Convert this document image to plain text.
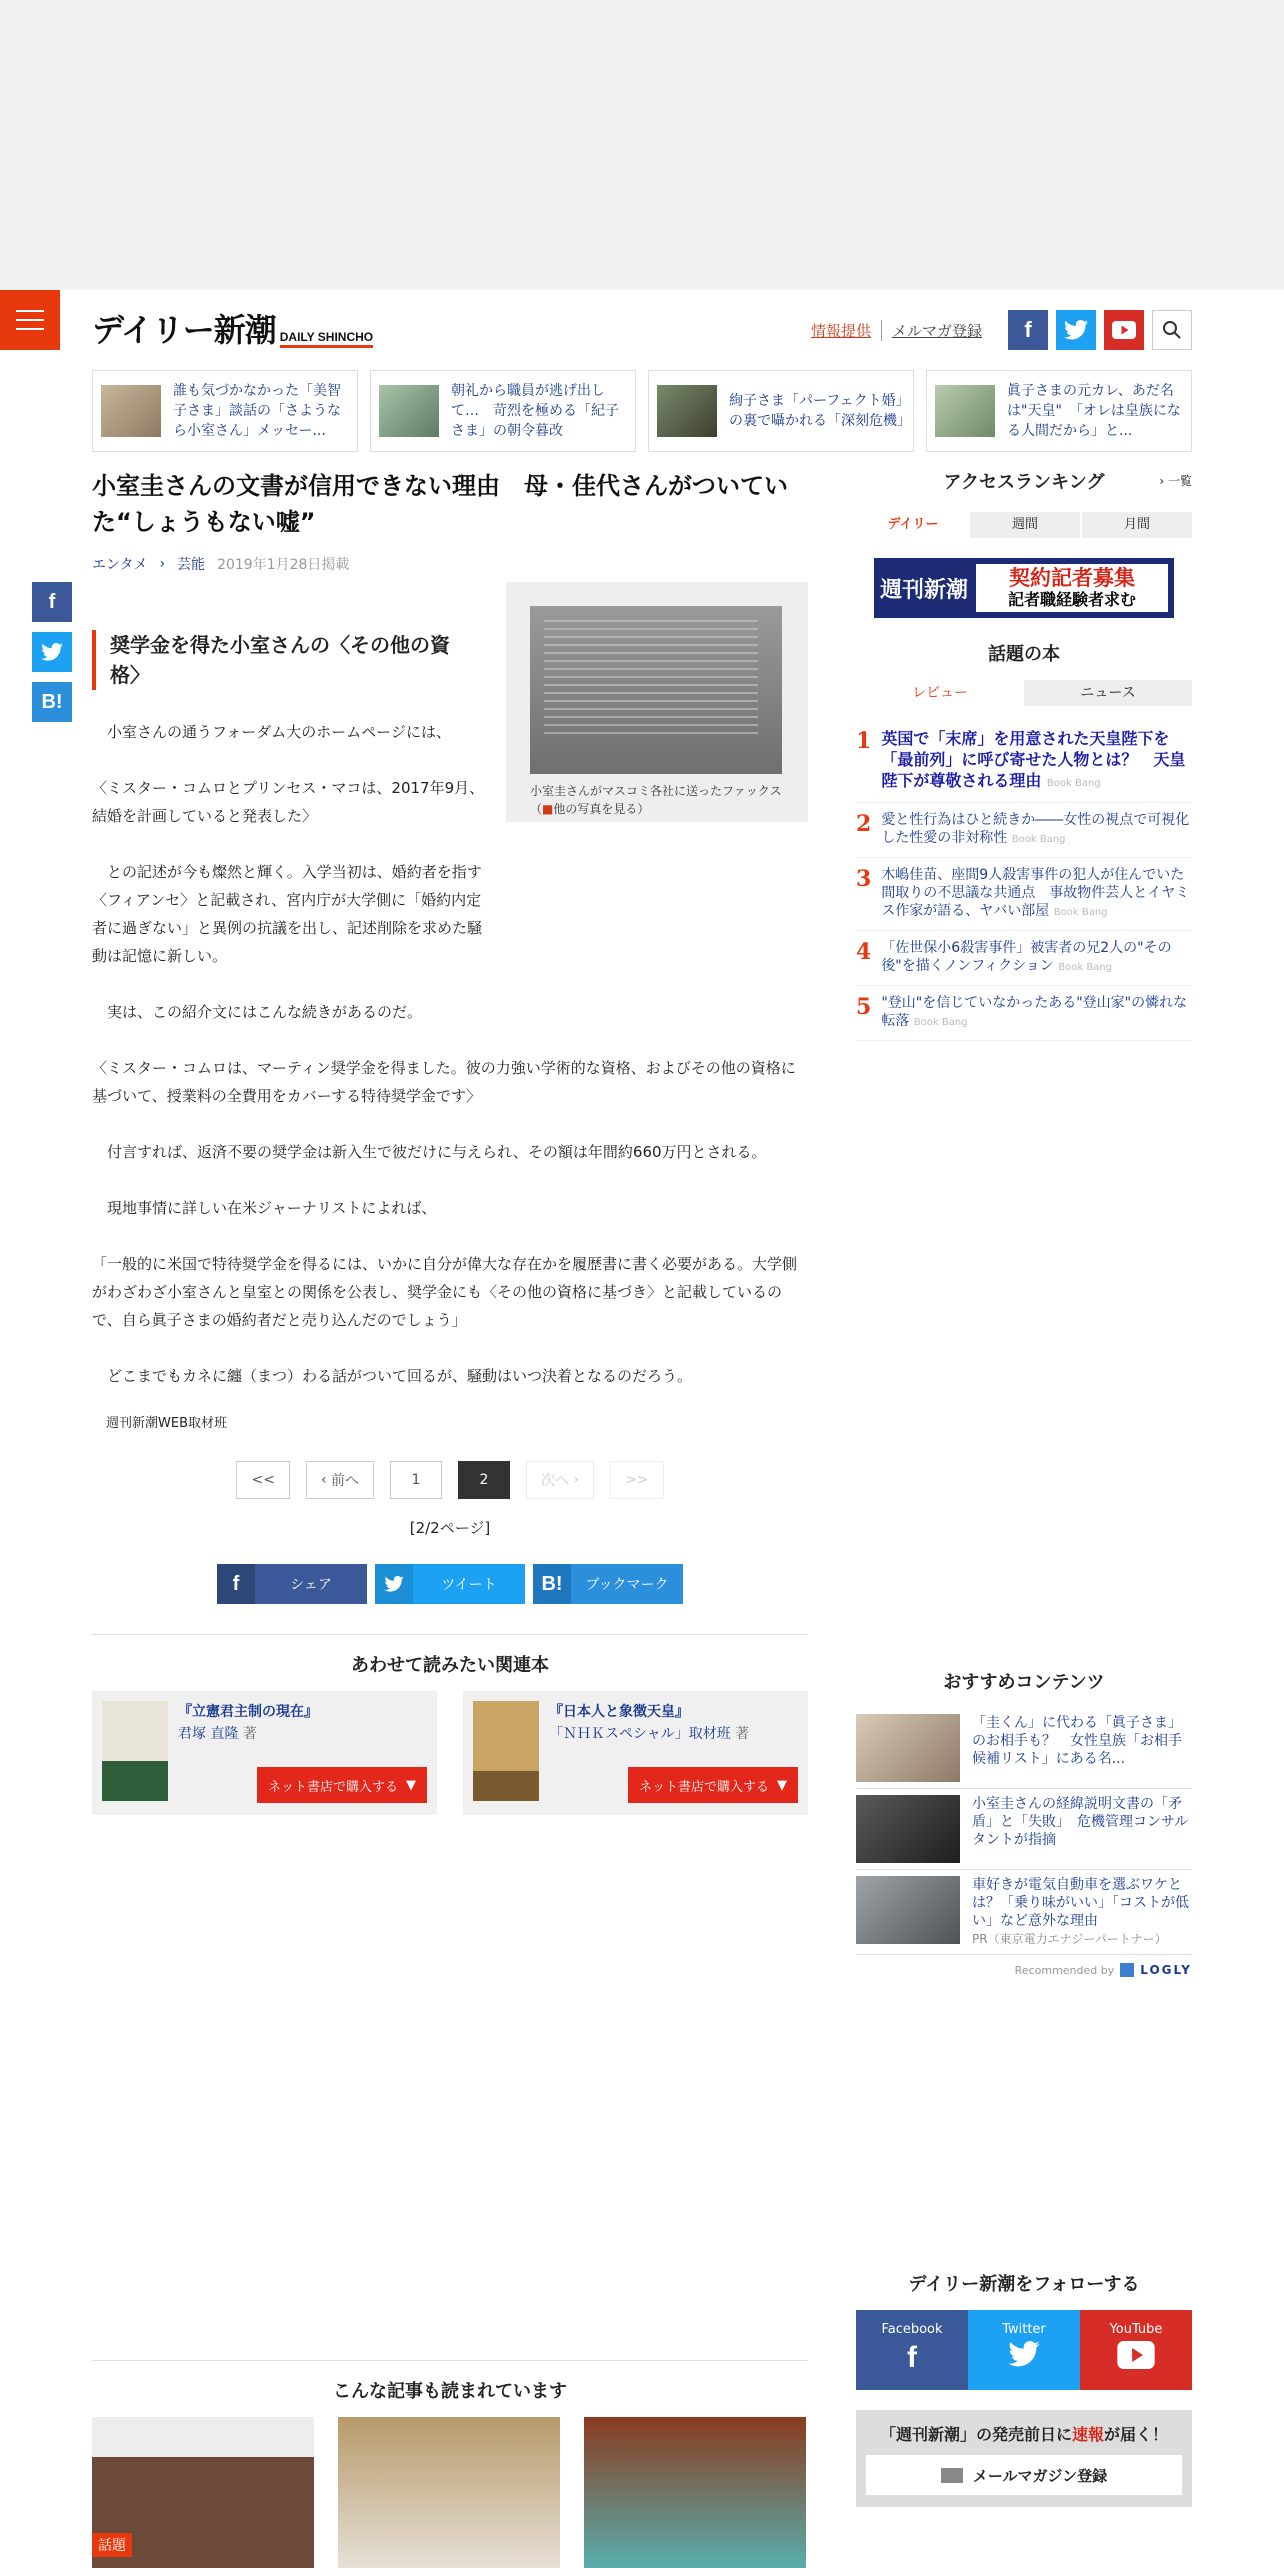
デイリー新潮 DAILY SHINCHO	情報提供	メルマガ登録	f
誰も気づかなかった「美智子さま」談話の「さようなら小室さん」メッセー...
朝礼から職員が逃げ出して…　苛烈を極める「紀子さま」の朝令暮改
絢子さま「パーフェクト婚」の裏で囁かれる「深刻危機」
眞子さまの元カレ、あだ名は"天皇"　「オレは皇族になる人間だから」と...
f
B!
小室圭さんの文書が信用できない理由　母・佳代さんがついていた“しょうもない嘘”
エンタメ › 芸能 2019年1月28日掲載
小室圭さんがマスコミ各社に送ったファックス（■他の写真を見る）
奨学金を得た小室さんの〈その他の資格〉

　小室さんの通うフォーダム大のホームページには、

〈ミスター・コムロとプリンセス・マコは、2017年9月、結婚を計画していると発表した〉

　との記述が今も燦然と輝く。入学当初は、婚約者を指す〈フィアンセ〉と記載され、宮内庁が大学側に「婚約内定者に過ぎない」と異例の抗議を出し、記述削除を求めた騒動は記憶に新しい。

　実は、この紹介文にはこんな続きがあるのだ。

〈ミスター・コムロは、マーティン奨学金を得ました。彼の力強い学術的な資格、およびその他の資格に基づいて、授業料の全費用をカバーする特待奨学金です〉

　付言すれば、返済不要の奨学金は新入生で彼だけに与えられ、その額は年間約660万円とされる。

　現地事情に詳しい在米ジャーナリストによれば、

「一般的に米国で特待奨学金を得るには、いかに自分が偉大な存在かを履歴書に書く必要がある。大学側がわざわざ小室さんと皇室との関係を公表し、奨学金にも〈その他の資格に基づき〉と記載しているので、自ら眞子さまの婚約者だと売り込んだのでしょう」

　どこまでもカネに纏（まつ）わる話がついて回るが、騒動はいつ決着となるのだろう。

週刊新潮WEB取材班
<<	‹ 前へ	1	2	次へ ›	>>
[2/2ページ]
f	シェア	ツイート	B!	ブックマーク
あわせて読みたい関連本
『立憲君主制の現在』
君塚 直隆 著
ネット書店で購入する ▼
『日本人と象徴天皇』
「ＮＨＫスペシャル」取材班 著
ネット書店で購入する ▼
アクセスランキング	› 一覧
デイリー	週間	月間
週刊新潮 契約記者募集
記者職経験者求む
話題の本
レビュー	ニュース
1 英国で「末席」を用意された天皇陛下を「最前列」に呼び寄せた人物とは？　天皇陛下が尊敬される理由 Book Bang
2 愛と性行為はひと続きか――女性の視点で可視化した性愛の非対称性 Book Bang
3 木嶋佳苗、座間9人殺害事件の犯人が住んでいた間取りの不思議な共通点　事故物件芸人とイヤミス作家が語る、ヤバい部屋 Book Bang
4 「佐世保小6殺害事件」被害者の兄2人の"その後"を描くノンフィクション Book Bang
5 "登山"を信じていなかったある"登山家"の憐れな転落 Book Bang
おすすめコンテンツ
「圭くん」に代わる「眞子さま」のお相手も？　女性皇族「お相手候補リスト」にある名...
小室圭さんの経緯説明文書の「矛盾」と「失敗」　危機管理コンサルタントが指摘
車好きが電気自動車を選ぶワケとは？「乗り味がいい」「コストが低い」など意外な理由
PR（東京電力エナジーパートナー）
Recommended by LOGLY
デイリー新潮をフォローする
Facebook
f
Twitter	YouTube
「週刊新潮」の発売前日に速報が届く！
メールマガジン登録
こんな記事も読まれています
話題
